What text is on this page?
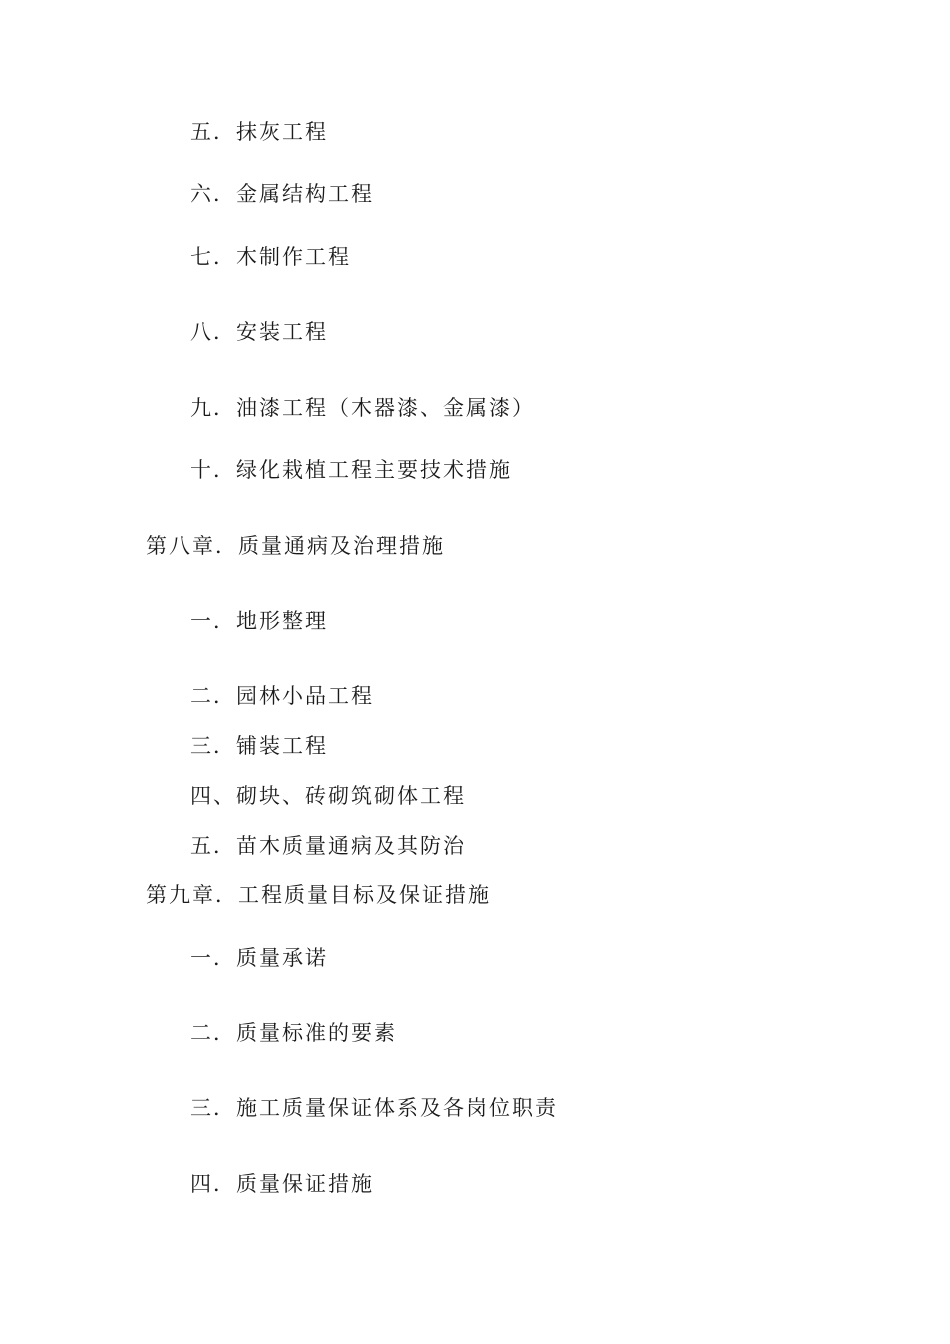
五．抹灰工程
六．金属结构工程
七．木制作工程
八．安装工程
九．油漆工程（木器漆、金属漆）
十．绿化栽植工程主要技术措施
第八章．质量通病及治理措施
一．地形整理
二．园林小品工程
三．铺装工程
四、砌块、砖砌筑砌体工程
五．苗木质量通病及其防治
第九章．工程质量目标及保证措施
一．质量承诺
二．质量标准的要素
三．施工质量保证体系及各岗位职责
四．质量保证措施
